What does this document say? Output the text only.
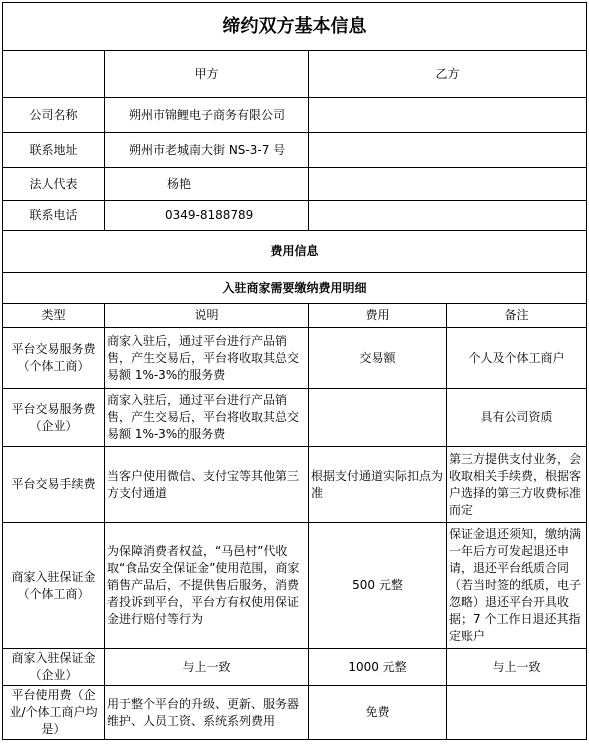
缔约双方基本信息			
	甲方	乙方	
公司名称	朔州市锦鲤电子商务有限公司		
联系地址	朔州市老城南大街 NS-3-7 号		
法人代表	杨艳		
联系电话	0349-8188789		
费用信息			
入驻商家需要缴纳费用明细			
类型	说明	费用	备注
平台交易服务费（个体工商）	商家入驻后，通过平台进行产品销售，产生交易后，平台将收取其总交易额 1%-3%的服务费	交易额	个人及个体工商户
平台交易服务费（企业）	商家入驻后，通过平台进行产品销售，产生交易后，平台将收取其总交易额 1%-3%的服务费		具有公司资质
平台交易手续费	当客户使用微信、支付宝等其他第三方支付通道	根据支付通道实际扣点为准	第三方提供支付业务，会收取相关手续费，根据客户选择的第三方收费标准而定
商家入驻保证金（个体工商）	为保障消费者权益，“马邑村”代收取“食品安全保证金”使用范围，商家销售产品后，不提供售后服务，消费者投诉到平台，平台方有权使用保证金进行赔付等行为	500 元整	保证金退还须知，缴纳满一年后方可发起退还申请，退还平台纸质合同（若当时签的纸质，电子忽略）退还平台开具收据；7 个工作日退还其指定账户
商家入驻保证金（企业）	与上一致	1000 元整	与上一致
平台使用费（企业/个体工商户均是）	用于整个平台的升级、更新、服务器维护、人员工资、系统系列费用	免费	
